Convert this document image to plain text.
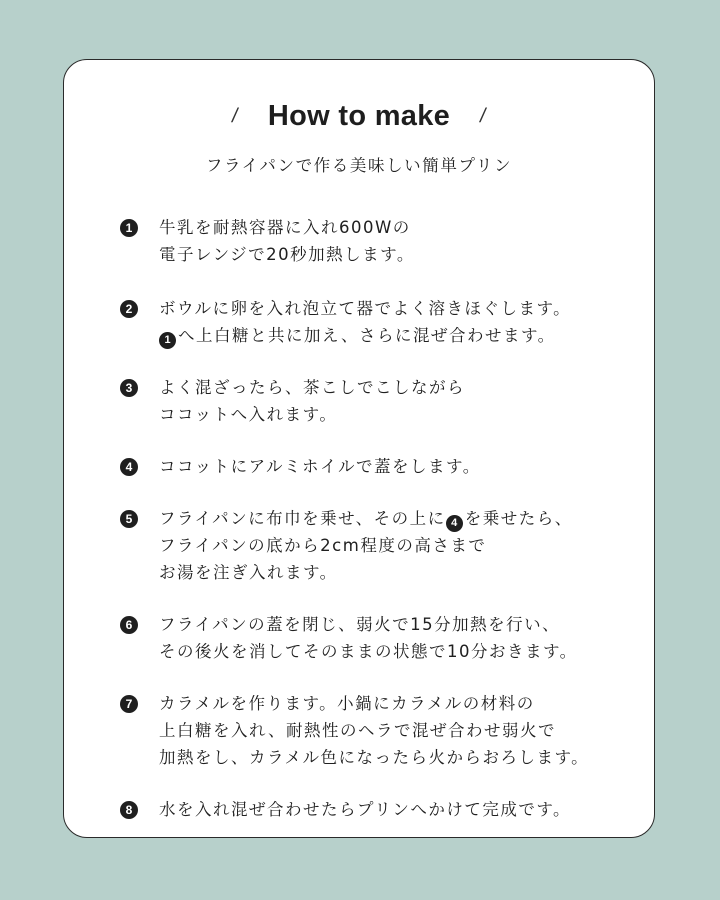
/ How to make /
フライパンで作る美味しい簡単プリン
1	牛乳を耐熱容器に入れ600Wの
電子レンジで20秒加熱します。
2	ボウルに卵を入れ泡立て器でよく溶きほぐします。
1 へ上白糖と共に加え、さらに混ぜ合わせます。
3	よく混ざったら、茶こしでこしながら
ココットへ入れます。
4	ココットにアルミホイルで蓋をします。
5	フライパンに布巾を乗せ、その上に 4 を乗せたら、
フライパンの底から2cm程度の高さまで
お湯を注ぎ入れます。
6	フライパンの蓋を閉じ、弱火で15分加熱を行い、
その後火を消してそのままの状態で10分おきます。
7	カラメルを作ります。小鍋にカラメルの材料の
上白糖を入れ、耐熱性のヘラで混ぜ合わせ弱火で
加熱をし、カラメル色になったら火からおろします。
8	水を入れ混ぜ合わせたらプリンへかけて完成です。
